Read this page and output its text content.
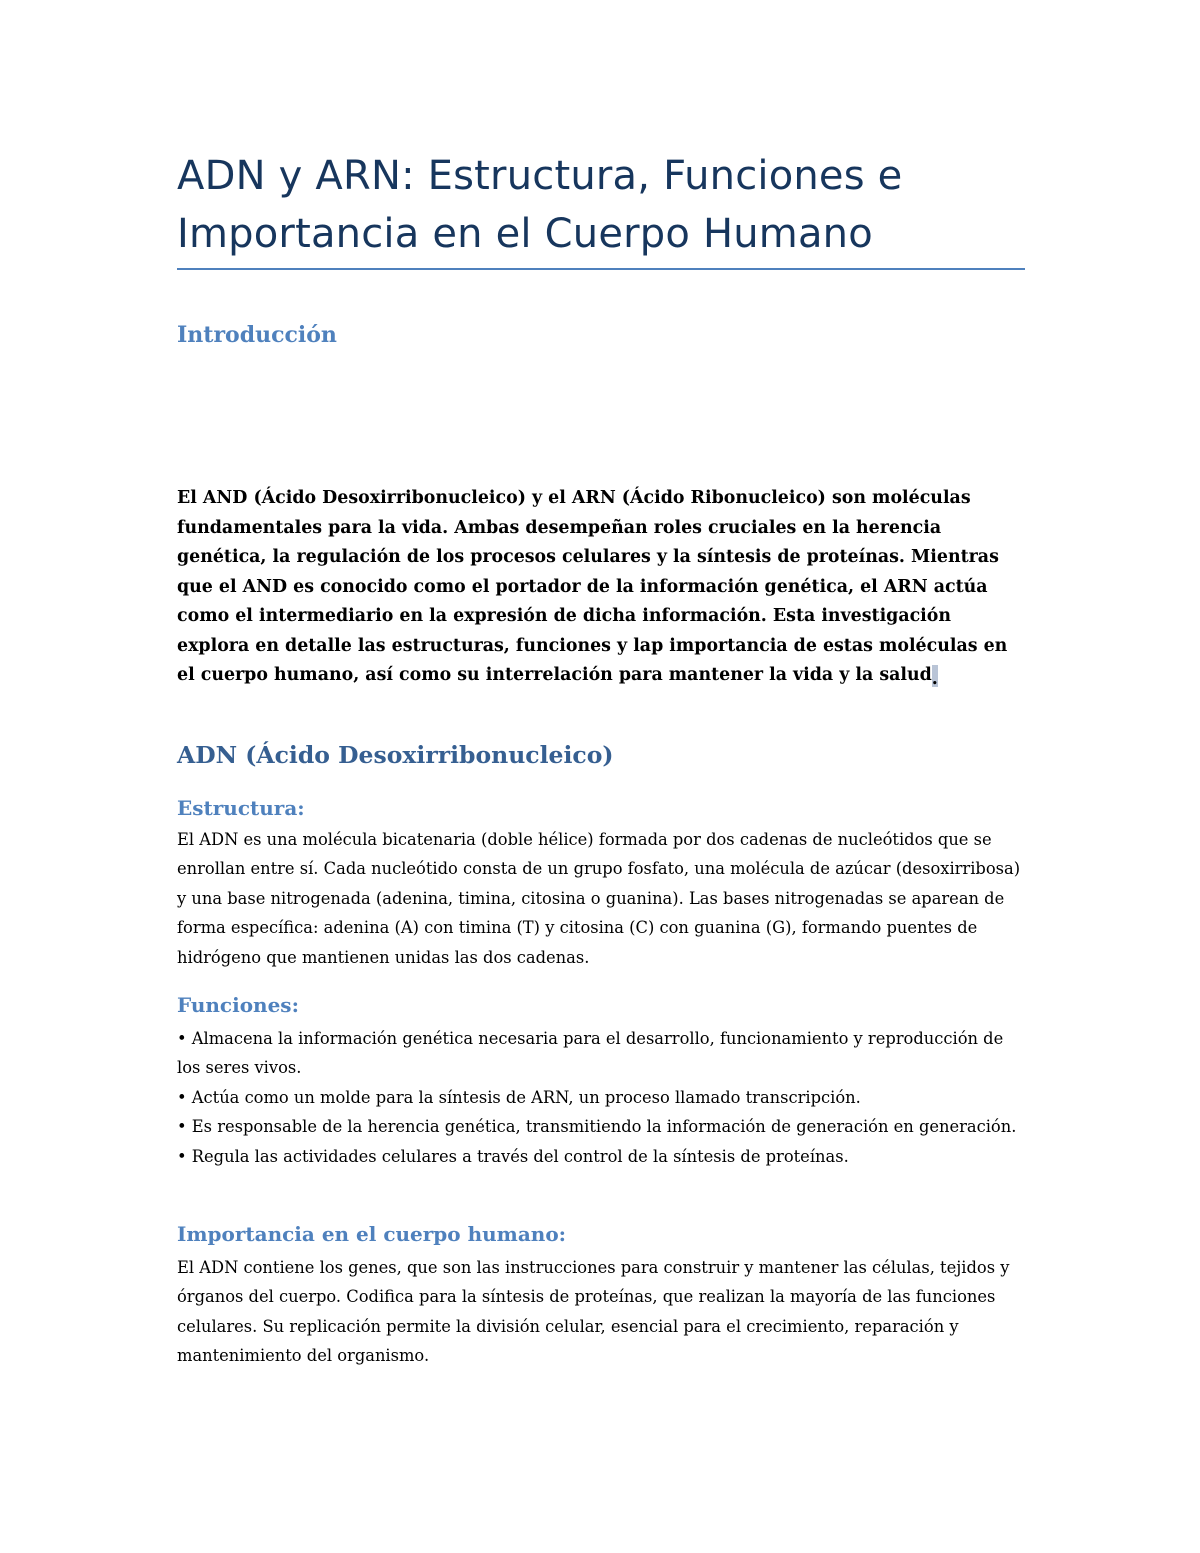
ADN y ARN: Estructura, Funciones e
Importancia en el Cuerpo Humano
Introducción

El AND (Ácido Desoxirribonucleico) y el ARN (Ácido Ribonucleico) son moléculas fundamentales para la vida. Ambas desempeñan roles cruciales en la herencia genética, la regulación de los procesos celulares y la síntesis de proteínas. Mientras que el AND es conocido como el portador de la información genética, el ARN actúa como el intermediario en la expresión de dicha información. Esta investigación explora en detalle las estructuras, funciones y lap importancia de estas moléculas en el cuerpo humano, así como su interrelación para mantener la vida y la salud.

ADN (Ácido Desoxirribonucleico)
Estructura:

El ADN es una molécula bicatenaria (doble hélice) formada por dos cadenas de nucleótidos que se enrollan entre sí. Cada nucleótido consta de un grupo fosfato, una molécula de azúcar (desoxirribosa) y una base nitrogenada (adenina, timina, citosina o guanina). Las bases nitrogenadas se aparean de forma específica: adenina (A) con timina (T) y citosina (C) con guanina (G), formando puentes de hidrógeno que mantienen unidas las dos cadenas.

Funciones:
• Almacena la información genética necesaria para el desarrollo, funcionamiento y reproducción de los seres vivos.
• Actúa como un molde para la síntesis de ARN, un proceso llamado transcripción.
• Es responsable de la herencia genética, transmitiendo la información de generación en generación.
• Regula las actividades celulares a través del control de la síntesis de proteínas.
Importancia en el cuerpo humano:

El ADN contiene los genes, que son las instrucciones para construir y mantener las células, tejidos y órganos del cuerpo. Codifica para la síntesis de proteínas, que realizan la mayoría de las funciones celulares. Su replicación permite la división celular, esencial para el crecimiento, reparación y mantenimiento del organismo.
